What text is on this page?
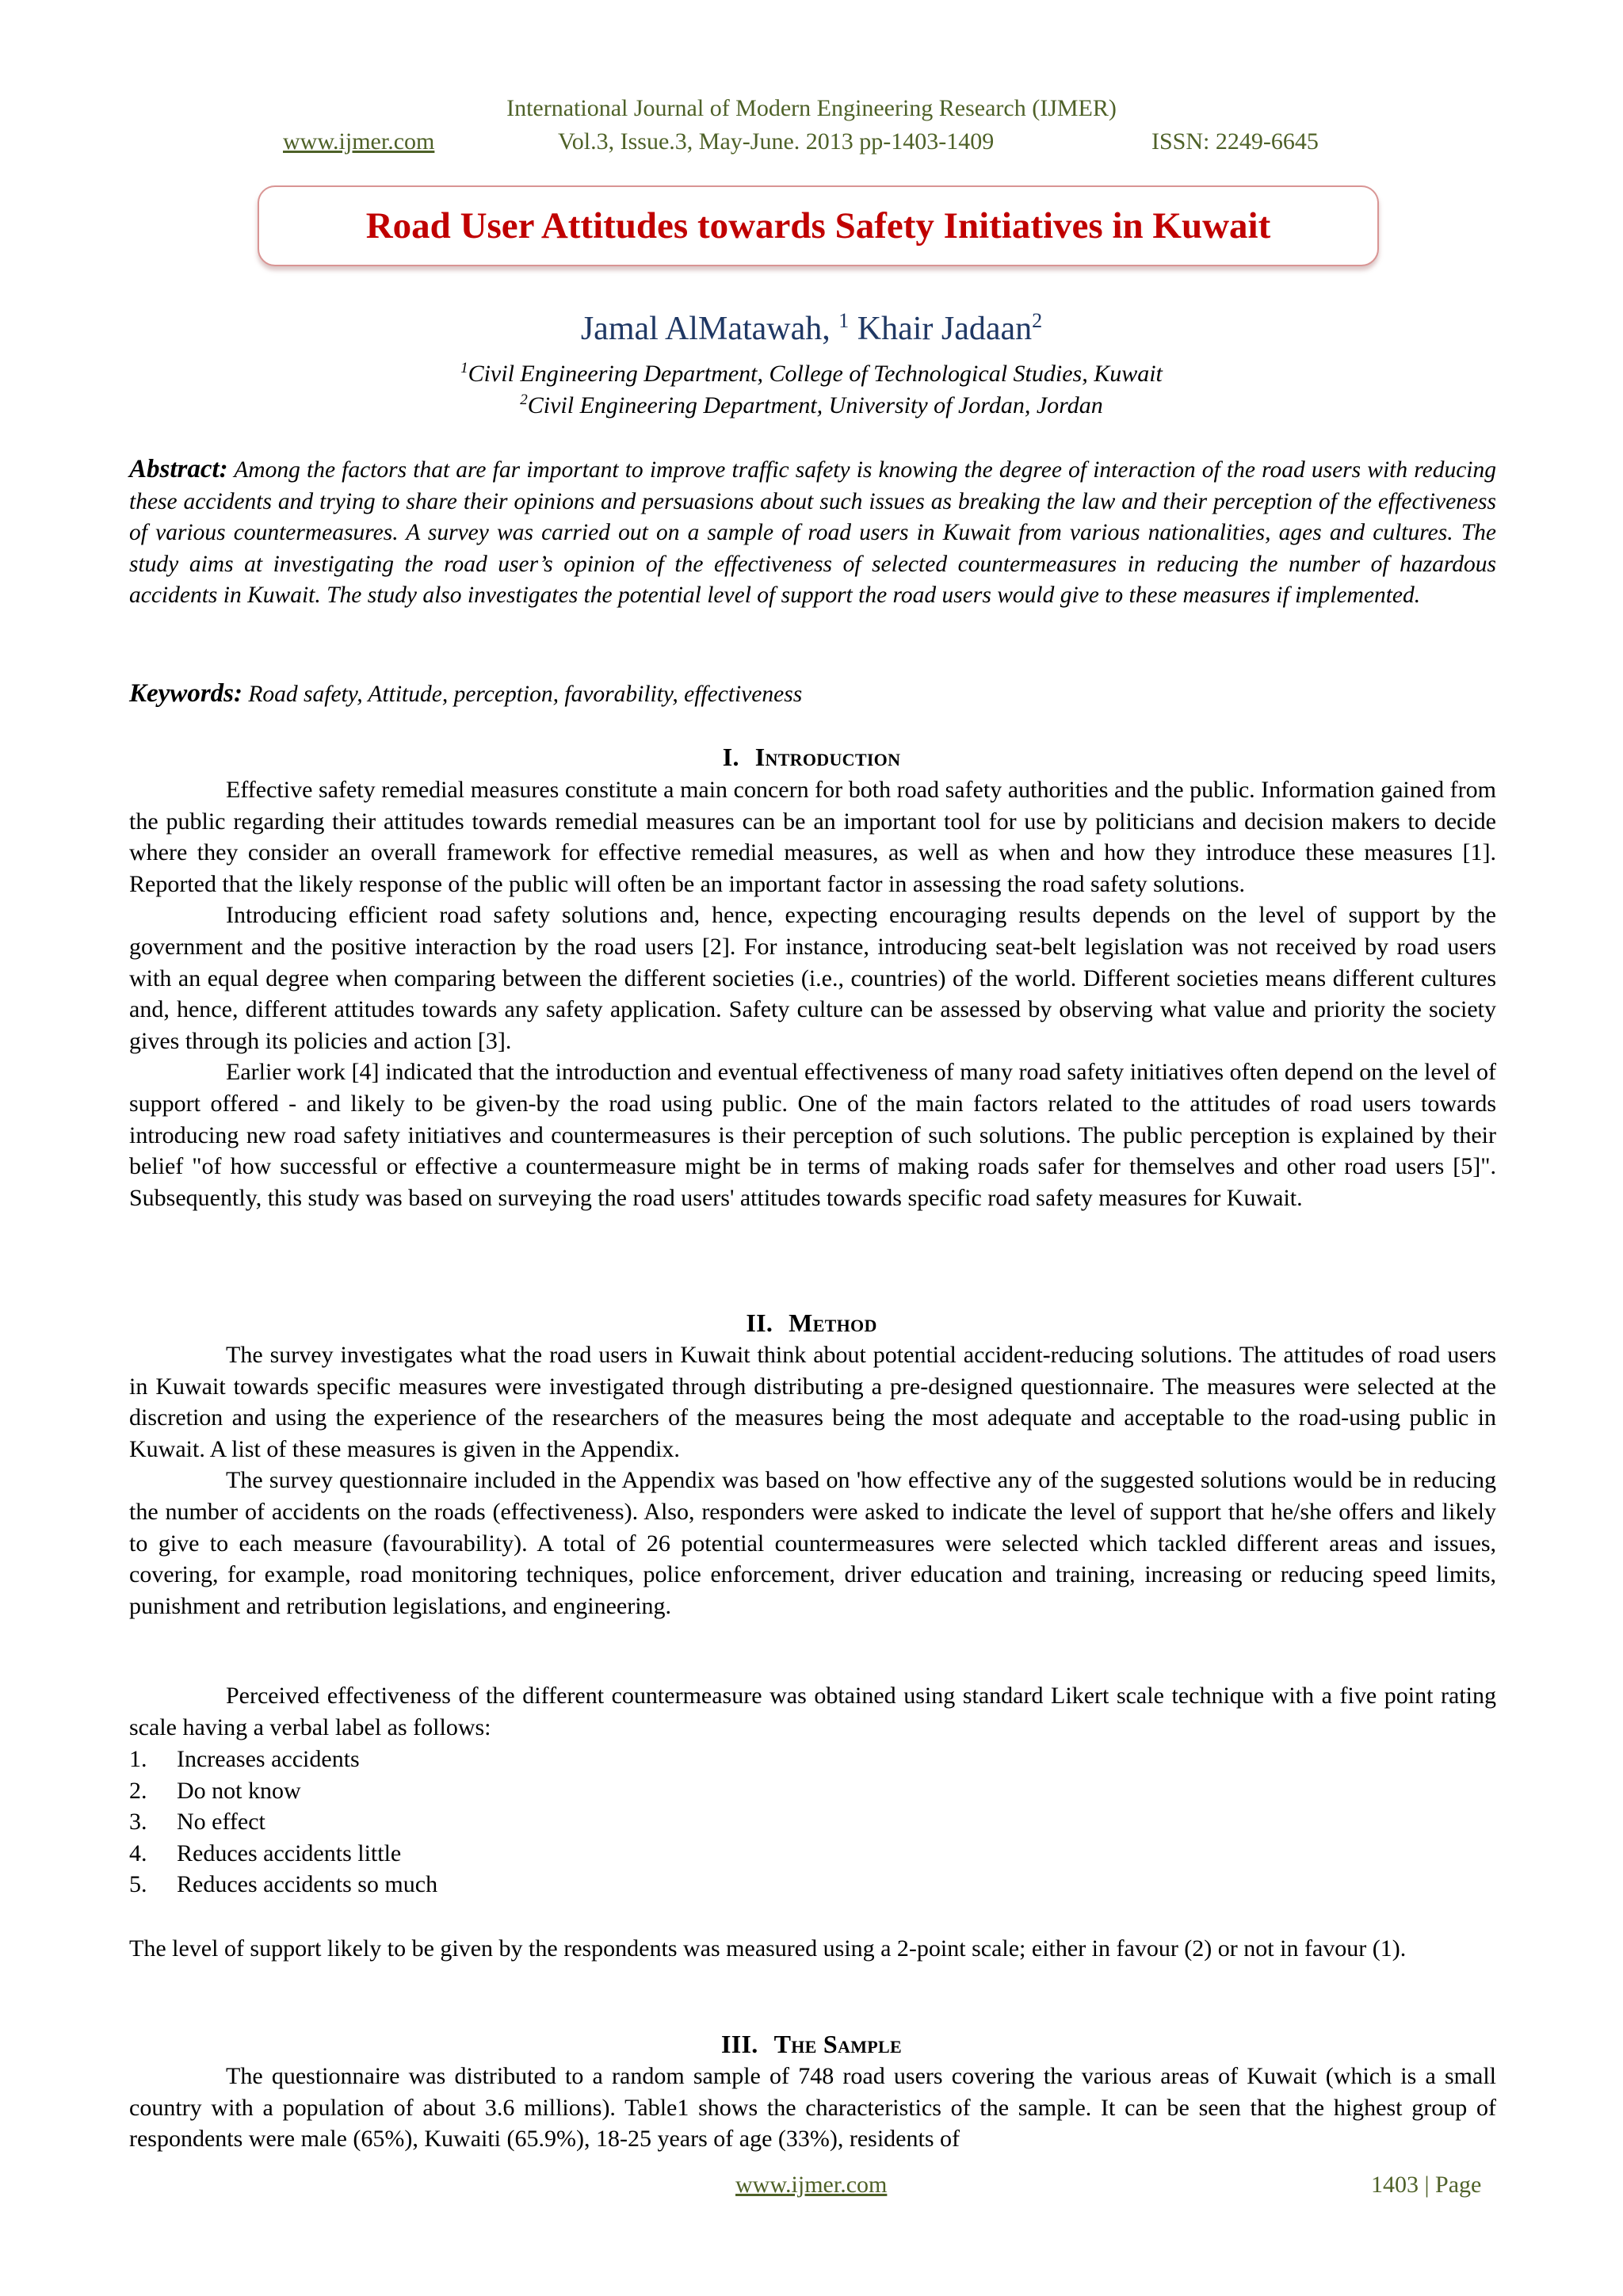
International Journal of Modern Engineering Research (IJMER)
www.ijmer.com	Vol.3, Issue.3, May-June. 2013 pp-1403-1409	ISSN: 2249-6645
Road User Attitudes towards Safety Initiatives in Kuwait
Jamal AlMatawah, $^1$ Khair Jadaan$^2$
$^1$Civil Engineering Department, College of Technological Studies, Kuwait
$^2$Civil Engineering Department, University of Jordan, Jordan
Abstract: Among the factors that are far important to improve traffic safety is knowing the degree of interaction of the road users with reducing these accidents and trying to share their opinions and persuasions about such issues as breaking the law and their perception of the effectiveness of various countermeasures. A survey was carried out on a sample of road users in Kuwait from various nationalities, ages and cultures. The study aims at investigating the road user’s opinion of the effectiveness of selected countermeasures in reducing the number of hazardous accidents in Kuwait. The study also investigates the potential level of support the road users would give to these measures if implemented.
Keywords: Road safety, Attitude, perception, favorability, effectiveness
I. Introduction

Effective safety remedial measures constitute a main concern for both road safety authorities and the public. Information gained from the public regarding their attitudes towards remedial measures can be an important tool for use by politicians and decision makers to decide where they consider an overall framework for effective remedial measures, as well as when and how they introduce these measures [1]. Reported that the likely response of the public will often be an important factor in assessing the road safety solutions.

Introducing efficient road safety solutions and, hence, expecting encouraging results depends on the level of support by the government and the positive interaction by the road users [2]. For instance, introducing seat-belt legislation was not received by road users with an equal degree when comparing between the different societies (i.e., countries) of the world. Different societies means different cultures and, hence, different attitudes towards any safety application. Safety culture can be assessed by observing what value and priority the society gives through its policies and action [3].

Earlier work [4] indicated that the introduction and eventual effectiveness of many road safety initiatives often depend on the level of support offered - and likely to be given-by the road using public. One of the main factors related to the attitudes of road users towards introducing new road safety initiatives and countermeasures is their perception of such solutions. The public perception is explained by their belief "of how successful or effective a countermeasure might be in terms of making roads safer for themselves and other road users [5]". Subsequently, this study was based on surveying the road users' attitudes towards specific road safety measures for Kuwait.

II. Method

The survey investigates what the road users in Kuwait think about potential accident-reducing solutions. The attitudes of road users in Kuwait towards specific measures were investigated through distributing a pre-designed questionnaire. The measures were selected at the discretion and using the experience of the researchers of the measures being the most adequate and acceptable to the road-using public in Kuwait. A list of these measures is given in the Appendix.

The survey questionnaire included in the Appendix was based on 'how effective any of the suggested solutions would be in reducing the number of accidents on the roads (effectiveness). Also, responders were asked to indicate the level of support that he/she offers and likely to give to each measure (favourability). A total of 26 potential countermeasures were selected which tackled different areas and issues, covering, for example, road monitoring techniques, police enforcement, driver education and training, increasing or reducing speed limits, punishment and retribution legislations, and engineering.

Perceived effectiveness of the different countermeasure was obtained using standard Likert scale technique with a five point rating scale having a verbal label as follows:
1.	Increases accidents
2.	Do not know
3.	No effect
4.	Reduces accidents little
5.	Reduces accidents so much
The level of support likely to be given by the respondents was measured using a 2-point scale; either in favour (2) or not in favour (1).
III. The Sample

The questionnaire was distributed to a random sample of 748 road users covering the various areas of Kuwait (which is a small country with a population of about 3.6 millions). Table1 shows the characteristics of the sample. It can be seen that the highest group of respondents were male (65%), Kuwaiti (65.9%), 18-25 years of age (33%), residents of

www.ijmer.com	1403 | Page
